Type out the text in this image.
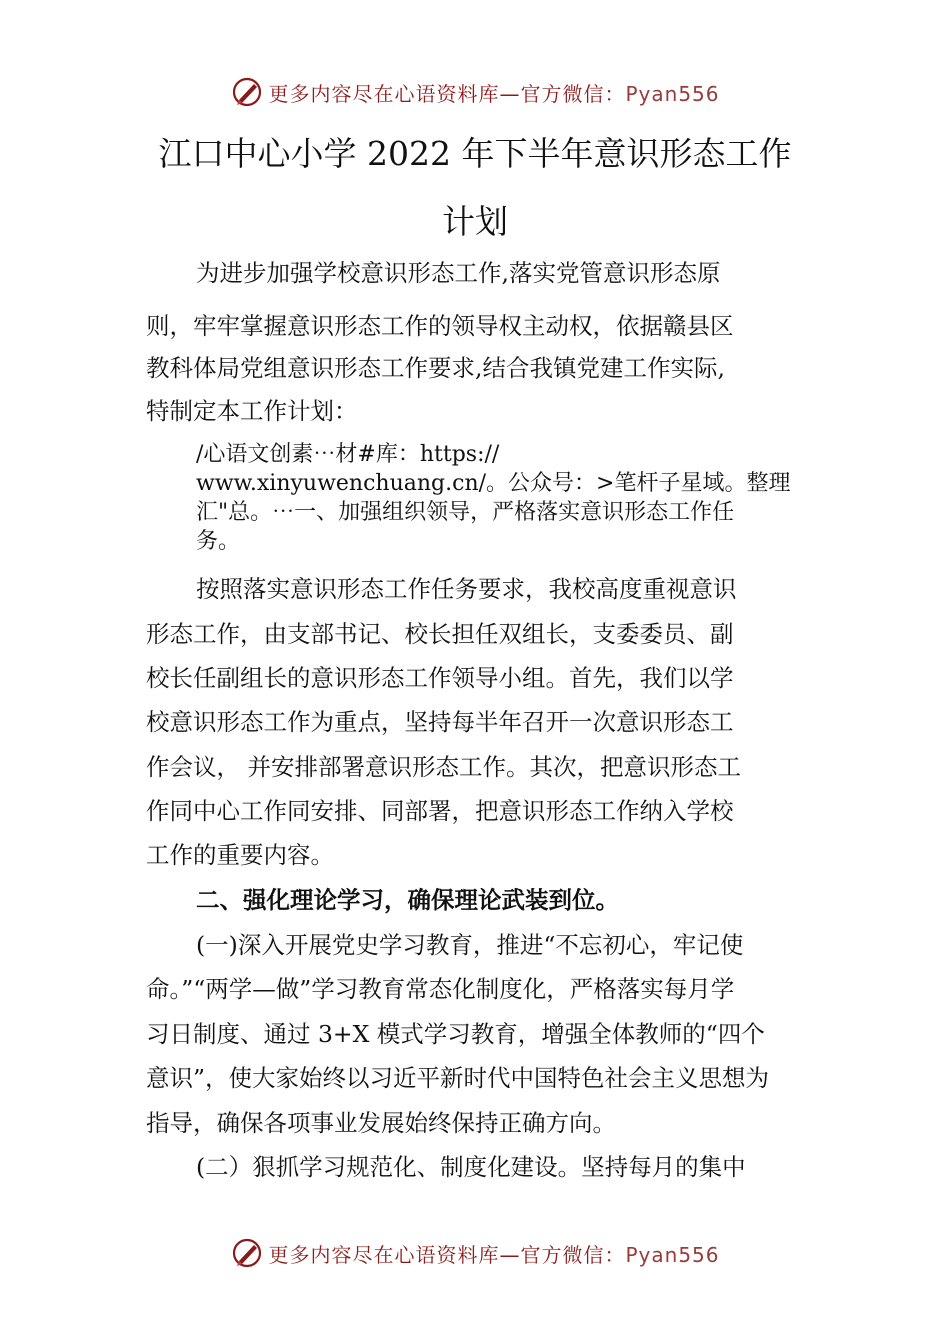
更多内容尽在心语资料库—官方微信：Pyan556
江口中心小学 2022 年下半年意识形态工作
计划

为进步加强学校意识形态工作,落实党管意识形态原

则，牢牢掌握意识形态工作的领导权主动权，依据赣县区

教科体局党组意识形态工作要求,结合我镇党建工作实际,

特制定本工作计划：

/心语文创素⋯材#库：https://

www.xinyuwenchuang.cn/。公众号：>笔杆子星域。整理

汇"总。⋯一、加强组织领导，严格落实意识形态工作任

务。

按照落实意识形态工作任务要求，我校高度重视意识

形态工作，由支部书记、校长担任双组长，支委委员、副

校长任副组长的意识形态工作领导小组。首先，我们以学

校意识形态工作为重点，坚持每半年召开一次意识形态工

作会议， 并安排部署意识形态工作。其次，把意识形态工

作同中心工作同安排、同部署，把意识形态工作纳入学校

工作的重要内容。

二、强化理论学习，确保理论武装到位。

(一)深入开展党史学习教育，推进“不忘初心，牢记使

命。”“两学—做”学习教育常态化制度化，严格落实每月学

习日制度、通过 3+X 模式学习教育，增强全体教师的“四个

意识”，使大家始终以习近平新时代中国特色社会主义思想为

指导，确保各项事业发展始终保持正确方向。

(二）狠抓学习规范化、制度化建设。坚持每月的集中

更多内容尽在心语资料库—官方微信：Pyan556
